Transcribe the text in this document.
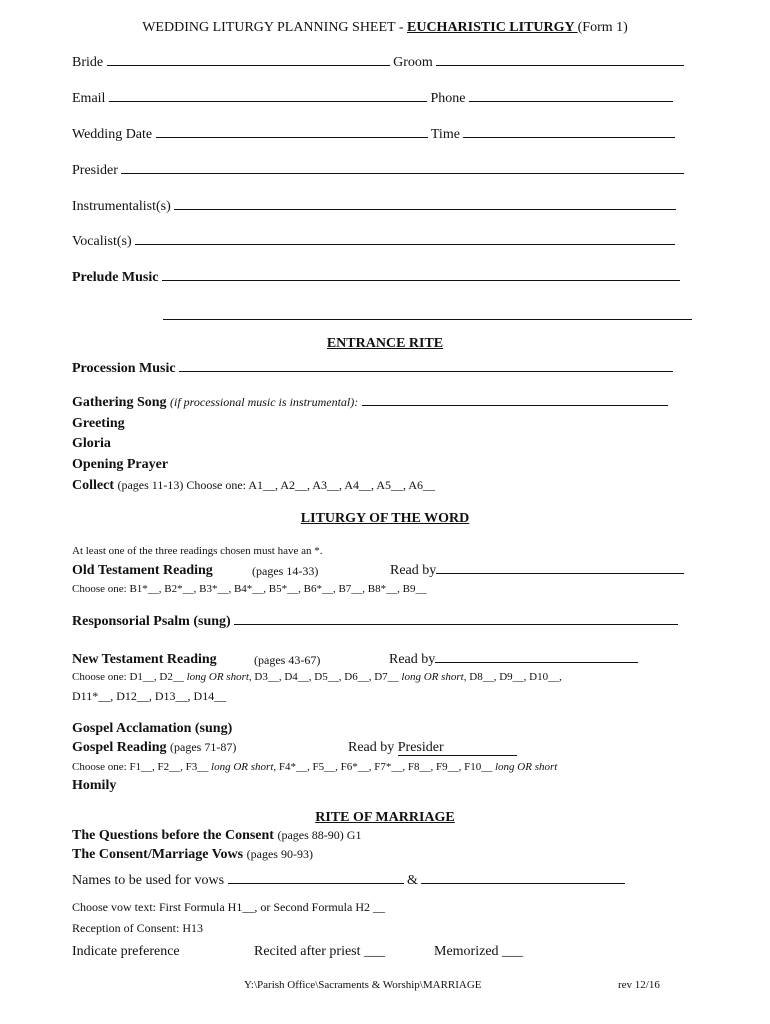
WEDDING LITURGY PLANNING SHEET - EUCHARISTIC LITURGY (Form 1)
Bride	Groom
Email	Phone
Wedding Date	Time
Presider
Instrumentalist(s)
Vocalist(s)
Prelude Music
ENTRANCE RITE
Procession Music
Gathering Song (if processional music is instrumental):
Greeting
Gloria
Opening Prayer
Collect (pages 11-13) Choose one: A1__, A2__, A3__, A4__, A5__, A6__
LITURGY OF THE WORD
At least one of the three readings chosen must have an *.
Old Testament Reading	(pages 14-33)	Read by
Choose one: B1*__, B2*__, B3*__, B4*__, B5*__, B6*__, B7__, B8*__, B9__
Responsorial Psalm (sung)
New Testament Reading	(pages 43-67)	Read by
Choose one: D1__, D2__ long OR short, D3__, D4__, D5__, D6__, D7__ long OR short, D8__, D9__, D10__,
D11*__, D12__, D13__, D14__
Gospel Acclamation (sung)
Gospel Reading (pages 71-87)	Read by Presider
Choose one: F1__, F2__, F3__ long OR short, F4*__, F5__, F6*__, F7*__, F8__, F9__, F10__ long OR short
Homily
RITE OF MARRIAGE
The Questions before the Consent (pages 88-90) G1
The Consent/Marriage Vows (pages 90-93)
Names to be used for vows	&
Choose vow text: First Formula H1__, or Second Formula H2 __
Reception of Consent: H13
Indicate preference	Recited after priest ___	Memorized ___
Y:\Parish Office\Sacraments & Worship\MARRIAGE	rev 12/16
